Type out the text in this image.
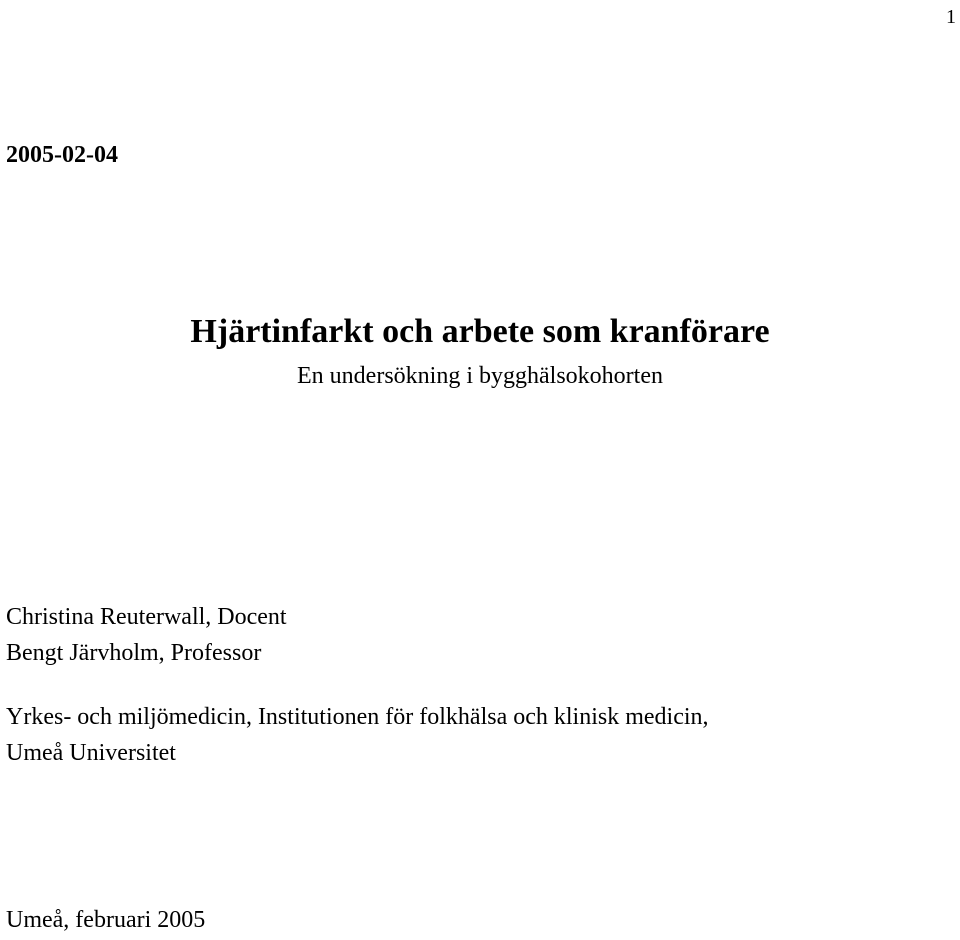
1
2005-02-04
Hjärtinfarkt och arbete som kranförare
En undersökning i bygghälsokohorten
Christina Reuterwall, Docent
Bengt Järvholm, Professor
Yrkes- och miljömedicin, Institutionen för folkhälsa och klinisk medicin,
Umeå Universitet
Umeå, februari 2005
